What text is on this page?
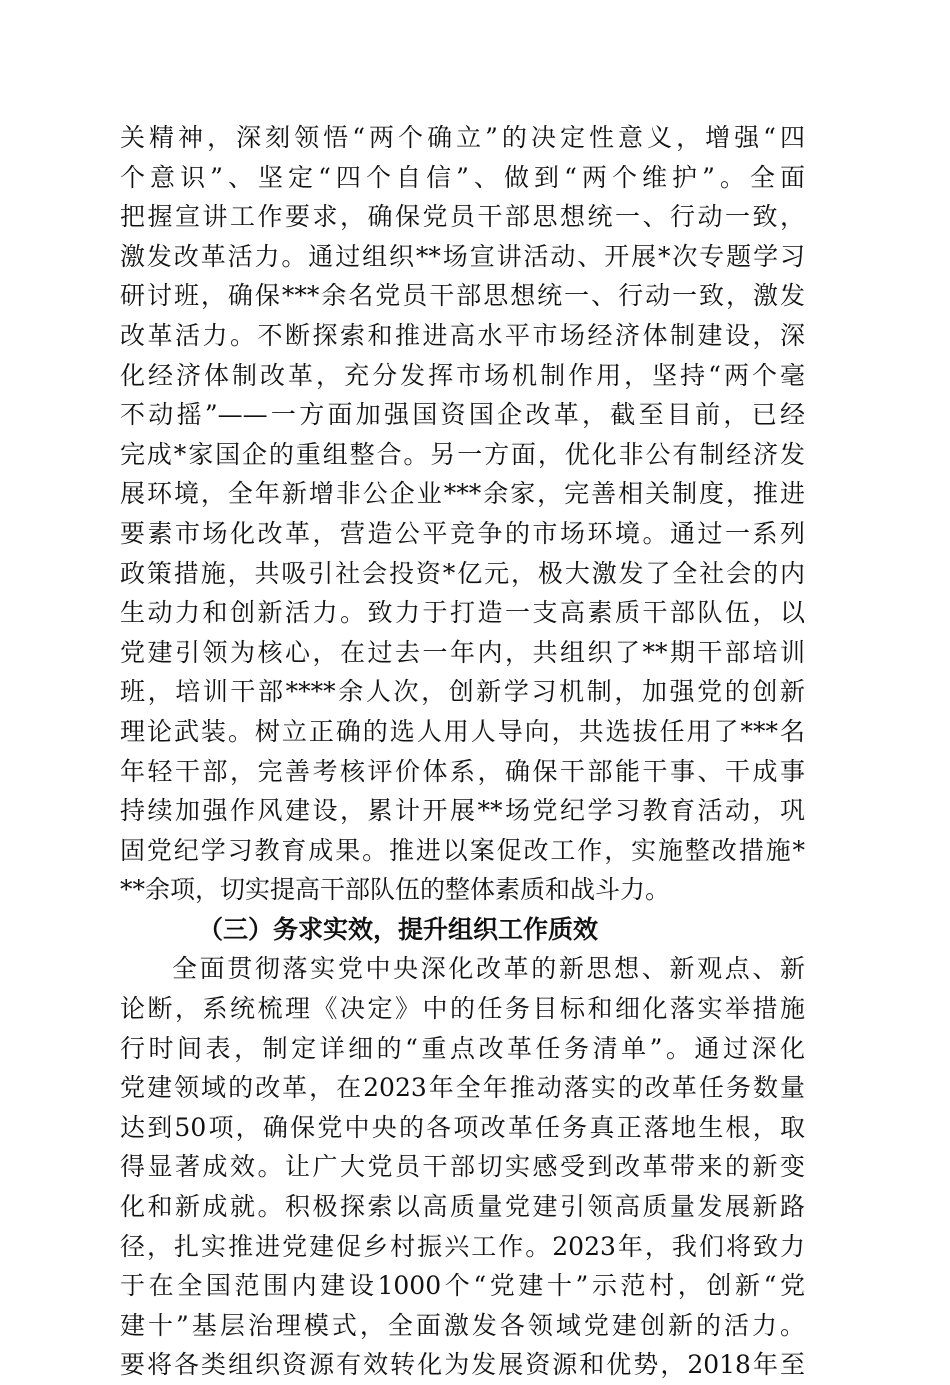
关精神，深刻领悟“两个确立”的决定性意义，增强“四
个意识”、坚定“四个自信”、做到“两个维护”。全面
把握宣讲工作要求，确保党员干部思想统一、行动一致，
激发改革活力。通过组织**场宣讲活动、开展*次专题学习
研讨班，确保***余名党员干部思想统一、行动一致，激发
改革活力。不断探索和推进高水平市场经济体制建设，深
化经济体制改革，充分发挥市场机制作用，坚持“两个毫
不动摇”——一方面加强国资国企改革，截至目前，已经
完成*家国企的重组整合。另一方面，优化非公有制经济发
展环境，全年新增非公企业***余家，完善相关制度，推进
要素市场化改革，营造公平竞争的市场环境。通过一系列
政策措施，共吸引社会投资*亿元，极大激发了全社会的内
生动力和创新活力。致力于打造一支高素质干部队伍，以
党建引领为核心，在过去一年内，共组织了**期干部培训
班，培训干部****余人次，创新学习机制，加强党的创新
理论武装。树立正确的选人用人导向，共选拔任用了***名
年轻干部，完善考核评价体系，确保干部能干事、干成事
持续加强作风建设，累计开展**场党纪学习教育活动，巩
固党纪学习教育成果。推进以案促改工作，实施整改措施*
**余项，切实提高干部队伍的整体素质和战斗力。
（三）务求实效，提升组织工作质效
全面贯彻落实党中央深化改革的新思想、新观点、新
论断，系统梳理《决定》中的任务目标和细化落实举措施
行时间表，制定详细的“重点改革任务清单”。通过深化
党建领域的改革，在2023年全年推动落实的改革任务数量
达到50项，确保党中央的各项改革任务真正落地生根，取
得显著成效。让广大党员干部切实感受到改革带来的新变
化和新成就。积极探索以高质量党建引领高质量发展新路
径，扎实推进党建促乡村振兴工作。2023年，我们将致力
于在全国范围内建设1000个“党建十”示范村，创新“党
建十”基层治理模式，全面激发各领域党建创新的活力。
要将各类组织资源有效转化为发展资源和优势，2018年至
